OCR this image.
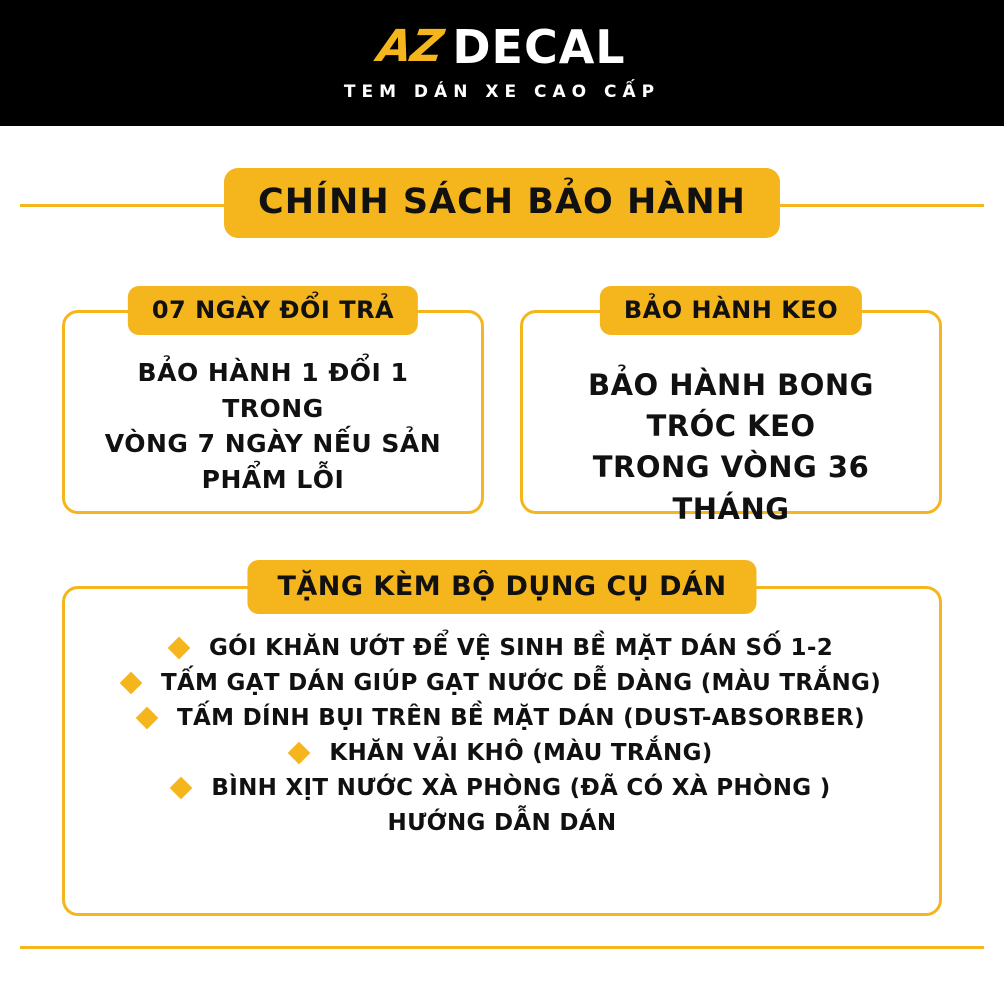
AZ DECAL
TEM DÁN XE CAO CẤP
CHÍNH SÁCH BẢO HÀNH
07 NGÀY ĐỔI TRẢ
BẢO HÀNH 1 ĐỔI 1 TRONG
VÒNG 7 NGÀY NẾU SẢN
PHẨM LỖI
BẢO HÀNH KEO
BẢO HÀNH BONG TRÓC KEO
TRONG VÒNG 36 THÁNG
TẶNG KÈM BỘ DỤNG CỤ DÁN
GÓI KHĂN ƯỚT ĐỂ VỆ SINH BỀ MẶT DÁN SỐ 1-2
TẤM GẠT DÁN GIÚP GẠT NƯỚC DỄ DÀNG (MÀU TRẮNG)
TẤM DÍNH BỤI TRÊN BỀ MẶT DÁN (DUST-ABSORBER)
KHĂN VẢI KHÔ (MÀU TRẮNG)
BÌNH XỊT NƯỚC XÀ PHÒNG (ĐÃ CÓ XÀ PHÒNG )
HƯỚNG DẪN DÁN
